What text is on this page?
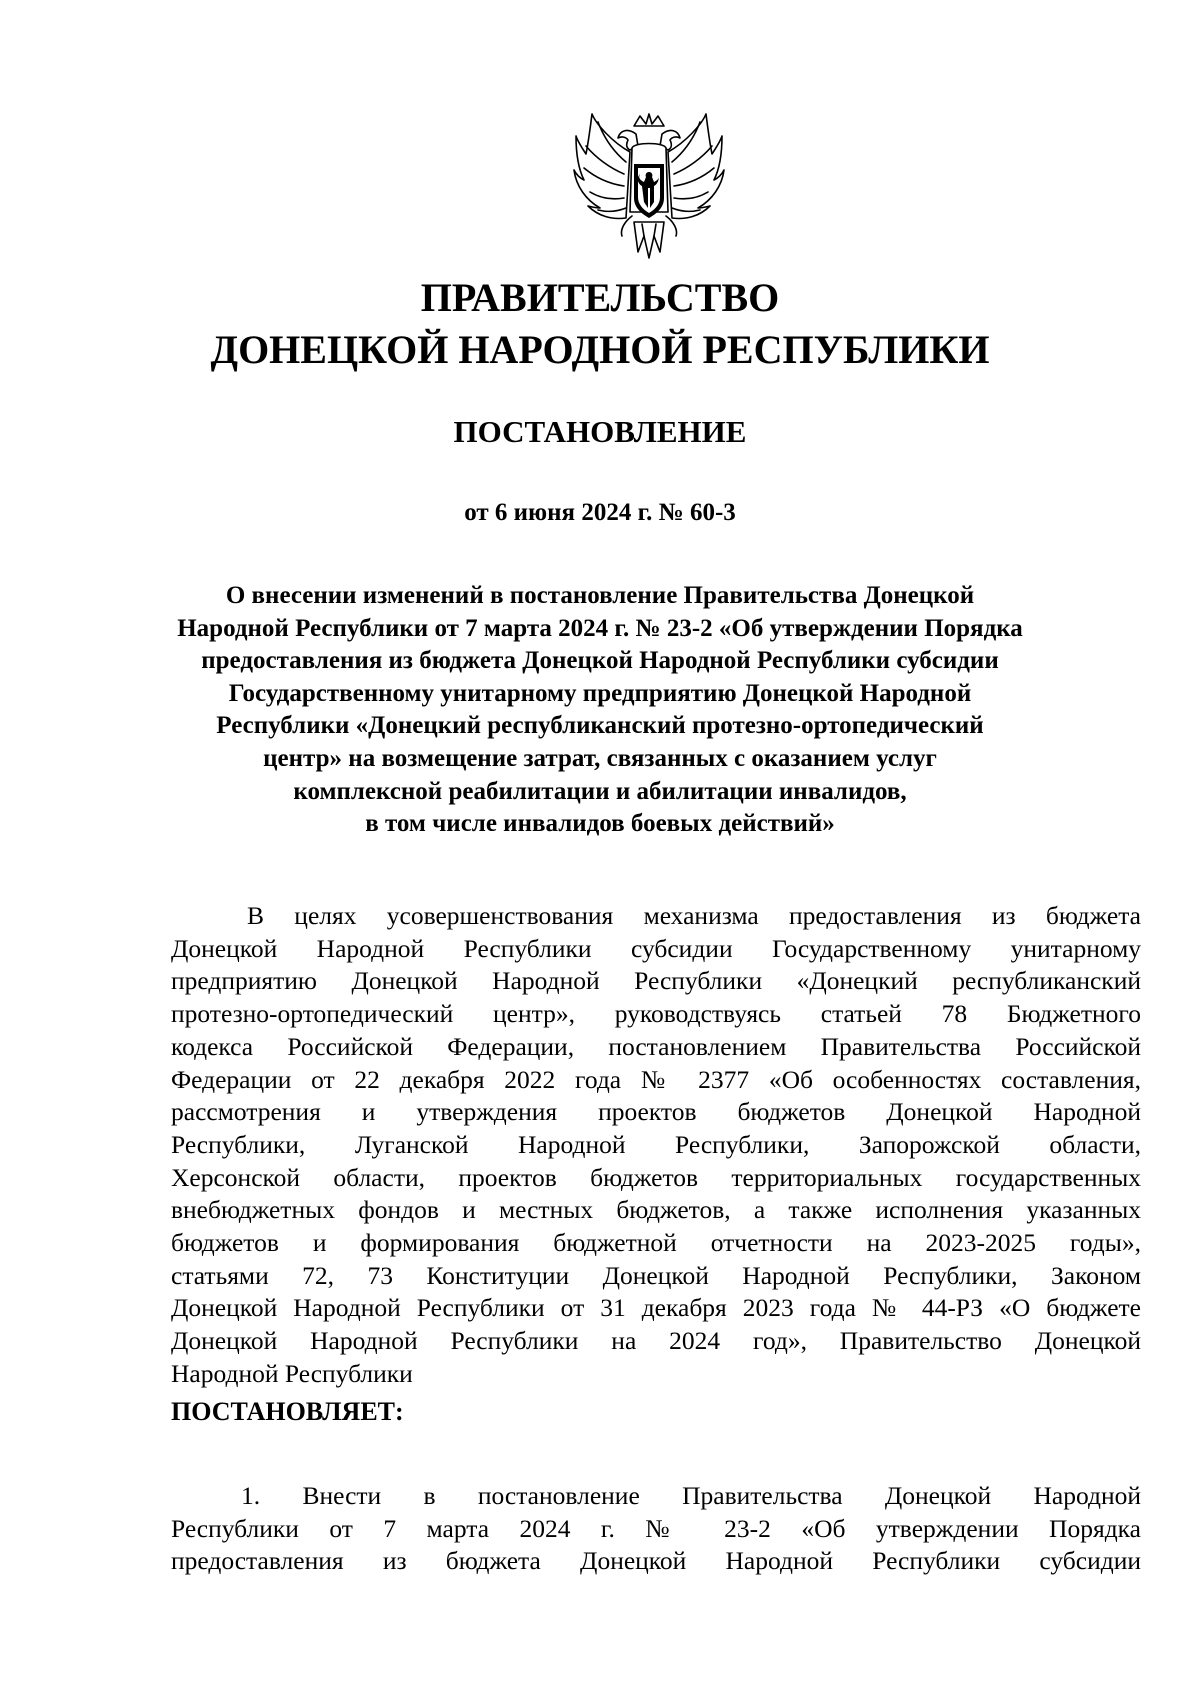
ПРАВИТЕЛЬСТВО
ДОНЕЦКОЙ НАРОДНОЙ РЕСПУБЛИКИ
ПОСТАНОВЛЕНИЕ
от 6 июня 2024 г. № 60-3
О внесении изменений в постановление Правительства Донецкой
Народной Республики от 7 марта 2024 г. № 23-2 «Об утверждении Порядка
предоставления из бюджета Донецкой Народной Республики субсидии
Государственному унитарному предприятию Донецкой Народной
Республики «Донецкий республиканский протезно-ортопедический
центр» на возмещение затрат, связанных с оказанием услуг
комплексной реабилитации и абилитации инвалидов,
в том числе инвалидов боевых действий»
В целях усовершенствования механизма предоставления из бюджета
Донецкой Народной Республики субсидии Государственному унитарному
предприятию Донецкой Народной Республики «Донецкий республиканский
протезно-ортопедический центр», руководствуясь статьей 78 Бюджетного
кодекса Российской Федерации, постановлением Правительства Российской
Федерации от 22 декабря 2022 года № 2377 «Об особенностях составления,
рассмотрения и утверждения проектов бюджетов Донецкой Народной
Республики, Луганской Народной Республики, Запорожской области,
Херсонской области, проектов бюджетов территориальных государственных
внебюджетных фондов и местных бюджетов, а также исполнения указанных
бюджетов и формирования бюджетной отчетности на 2023-2025 годы»,
статьями 72, 73 Конституции Донецкой Народной Республики, Законом
Донецкой Народной Республики от 31 декабря 2023 года № 44-РЗ «О бюджете
Донецкой Народной Республики на 2024 год», Правительство Донецкой
Народной Республики
ПОСТАНОВЛЯЕТ:
1. Внести в постановление Правительства Донецкой Народной
Республики от 7 марта 2024 г. № 23-2 «Об утверждении Порядка
предоставления из бюджета Донецкой Народной Республики субсидии
